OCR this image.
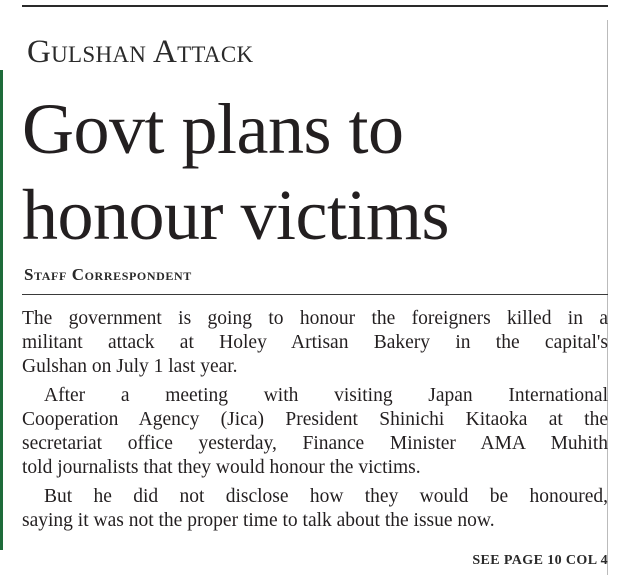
Gulshan Attack
Govt plans to
honour victims
Staff Correspondent

The government is going to honour the foreigners killed in a
militant attack at Holey Artisan Bakery in the capital's
Gulshan on July 1 last year.

After a meeting with visiting Japan International
Cooperation Agency (Jica) President Shinichi Kitaoka at the
secretariat office yesterday, Finance Minister AMA Muhith
told journalists that they would honour the victims.

But he did not disclose how they would be honoured,
saying it was not the proper time to talk about the issue now.

SEE PAGE 10 COL 4
